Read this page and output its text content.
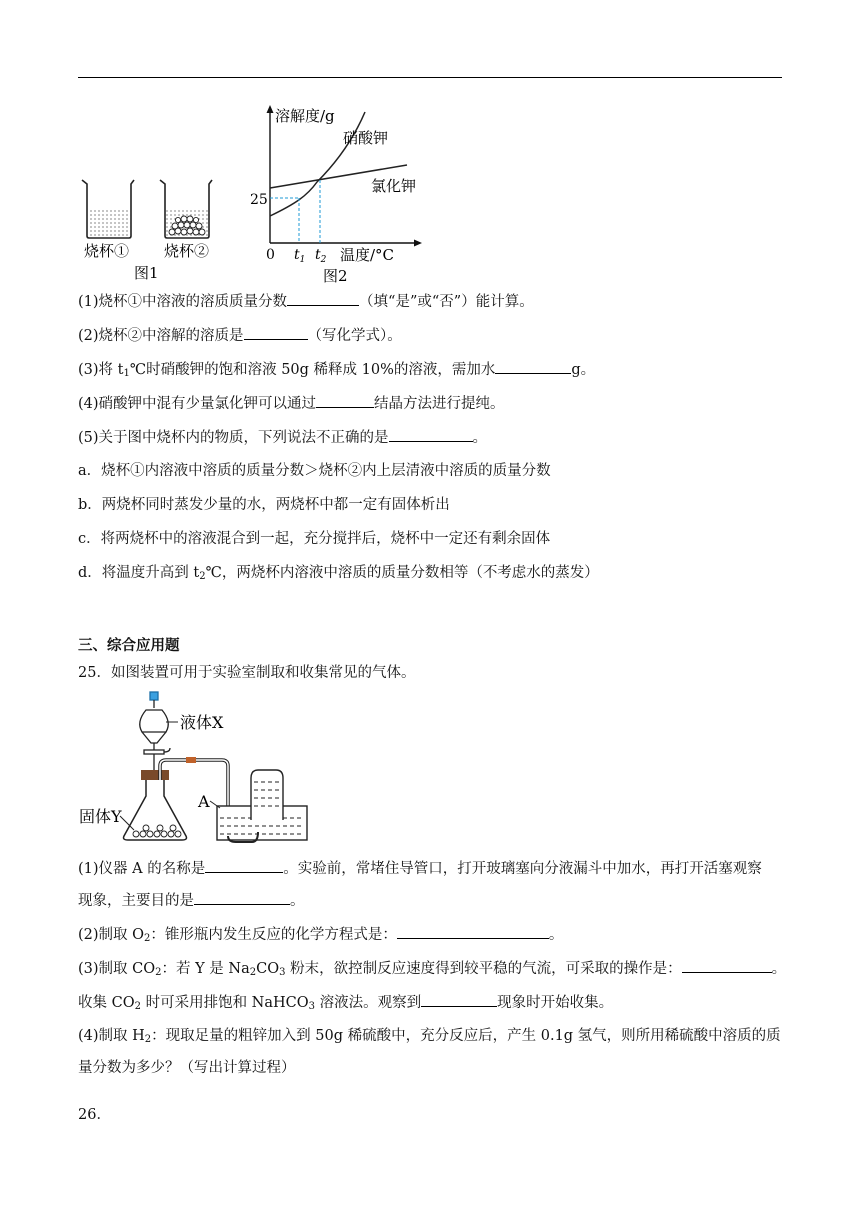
烧杯① 烧杯②
图1
溶解度/g
硝酸钾
氯化钾
25
0 $t_1$ $t_2$ 温度/°C
图2
(1)烧杯①中溶液的溶质质量分数	（填“是”或“否”）能计算。
(2)烧杯②中溶解的溶质是	（写化学式）。
(3)将 $t_1℃$时硝酸钾的饱和溶液 50g 稀释成 10%的溶液，需加水	g。
(4)硝酸钾中混有少量氯化钾可以通过	结晶方法进行提纯。
(5)关于图中烧杯内的物质，下列说法不正确的是	。
a．烧杯①内溶液中溶质的质量分数＞烧杯②内上层清液中溶质的质量分数
b．两烧杯同时蒸发少量的水，两烧杯中都一定有固体析出
c．将两烧杯中的溶液混合到一起，充分搅拌后，烧杯中一定还有剩余固体
d．将温度升高到 $t_2℃$，两烧杯内溶液中溶质的质量分数相等（不考虑水的蒸发）
三、综合应用题
25．如图装置可用于实验室制取和收集常见的气体。
液体X
固体Y
A
(1)仪器 A 的名称是	。实验前，常堵住导管口，打开玻璃塞向分液漏斗中加水，再打开活塞观察
现象，主要目的是	。
(2)制取 $O_2$：锥形瓶内发生反应的化学方程式是：	。
(3)制取 $CO_2$：若 Y 是 $Na_2CO_3$ 粉末，欲控制反应速度得到较平稳的气流，可采取的操作是：	。
收集 $CO_2$ 时可采用排饱和 NaHCO$_3$ 溶液法。观察到	现象时开始收集。
(4)制取 $H_2$：现取足量的粗锌加入到 50g 稀硫酸中，充分反应后，产生 0.1g 氢气，则所用稀硫酸中溶质的质
量分数为多少？（写出计算过程）
26．
